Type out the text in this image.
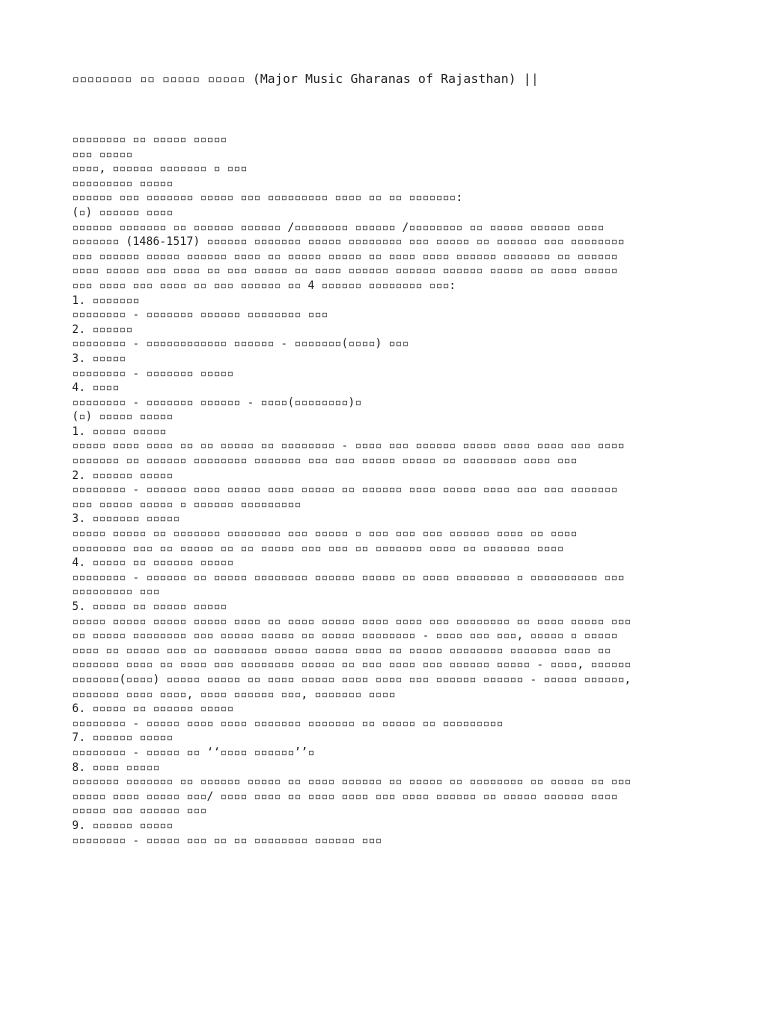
▫▫▫▫▫▫▫▫ ▫▫ ▫▫▫▫▫ ▫▫▫▫▫ (Major Music Gharanas of Rajasthan) ||
▫▫▫▫▫▫▫▫ ▫▫ ▫▫▫▫▫ ▫▫▫▫▫
▫▫▫ ▫▫▫▫▫
▫▫▫▫, ▫▫▫▫▫▫ ▫▫▫▫▫▫▫ ▫ ▫▫▫
▫▫▫▫▫▫▫▫▫ ▫▫▫▫▫
▫▫▫▫▫▫ ▫▫▫ ▫▫▫▫▫▫▫ ▫▫▫▫▫ ▫▫▫ ▫▫▫▫▫▫▫▫▫ ▫▫▫▫ ▫▫ ▫▫ ▫▫▫▫▫▫▫:
(▫) ▫▫▫▫▫▫ ▫▫▫▫
▫▫▫▫▫▫ ▫▫▫▫▫▫▫ ▫▫ ▫▫▫▫▫▫ ▫▫▫▫▫▫ /▫▫▫▫▫▫▫▫ ▫▫▫▫▫▫ /▫▫▫▫▫▫▫▫ ▫▫ ▫▫▫▫▫ ▫▫▫▫▫▫ ▫▫▫▫
▫▫▫▫▫▫▫ (1486-1517) ▫▫▫▫▫▫ ▫▫▫▫▫▫▫ ▫▫▫▫▫ ▫▫▫▫▫▫▫▫ ▫▫▫ ▫▫▫▫▫ ▫▫ ▫▫▫▫▫▫ ▫▫▫ ▫▫▫▫▫▫▫▫
▫▫▫ ▫▫▫▫▫▫ ▫▫▫▫▫ ▫▫▫▫▫▫ ▫▫▫▫ ▫▫ ▫▫▫▫▫ ▫▫▫▫▫ ▫▫ ▫▫▫▫ ▫▫▫▫ ▫▫▫▫▫▫ ▫▫▫▫▫▫▫ ▫▫ ▫▫▫▫▫▫
▫▫▫▫ ▫▫▫▫▫ ▫▫▫ ▫▫▫▫ ▫▫ ▫▫▫ ▫▫▫▫▫ ▫▫ ▫▫▫▫ ▫▫▫▫▫▫ ▫▫▫▫▫▫ ▫▫▫▫▫▫ ▫▫▫▫▫ ▫▫ ▫▫▫▫ ▫▫▫▫▫
▫▫▫ ▫▫▫▫ ▫▫▫ ▫▫▫▫ ▫▫ ▫▫▫ ▫▫▫▫▫▫ ▫▫ 4 ▫▫▫▫▫▫ ▫▫▫▫▫▫▫▫ ▫▫▫:
1. ▫▫▫▫▫▫▫
▫▫▫▫▫▫▫▫ - ▫▫▫▫▫▫▫ ▫▫▫▫▫▫ ▫▫▫▫▫▫▫▫ ▫▫▫
2. ▫▫▫▫▫▫
▫▫▫▫▫▫▫▫ - ▫▫▫▫▫▫▫▫▫▫▫▫ ▫▫▫▫▫▫ - ▫▫▫▫▫▫▫(▫▫▫▫) ▫▫▫
3. ▫▫▫▫▫
▫▫▫▫▫▫▫▫ - ▫▫▫▫▫▫▫ ▫▫▫▫▫
4. ▫▫▫▫
▫▫▫▫▫▫▫▫ - ▫▫▫▫▫▫▫ ▫▫▫▫▫▫ - ▫▫▫▫(▫▫▫▫▫▫▫▫)▫
(▫) ▫▫▫▫▫ ▫▫▫▫▫
1. ▫▫▫▫▫ ▫▫▫▫▫
▫▫▫▫▫ ▫▫▫▫ ▫▫▫▫ ▫▫ ▫▫ ▫▫▫▫▫ ▫▫ ▫▫▫▫▫▫▫▫ - ▫▫▫▫ ▫▫▫ ▫▫▫▫▫▫ ▫▫▫▫▫ ▫▫▫▫ ▫▫▫▫ ▫▫▫ ▫▫▫▫
▫▫▫▫▫▫▫ ▫▫ ▫▫▫▫▫▫ ▫▫▫▫▫▫▫▫ ▫▫▫▫▫▫▫ ▫▫▫ ▫▫▫ ▫▫▫▫▫ ▫▫▫▫▫ ▫▫ ▫▫▫▫▫▫▫▫ ▫▫▫▫ ▫▫▫
2. ▫▫▫▫▫▫ ▫▫▫▫▫
▫▫▫▫▫▫▫▫ - ▫▫▫▫▫▫ ▫▫▫▫ ▫▫▫▫▫ ▫▫▫▫ ▫▫▫▫▫ ▫▫ ▫▫▫▫▫▫ ▫▫▫▫ ▫▫▫▫▫ ▫▫▫▫ ▫▫▫ ▫▫▫ ▫▫▫▫▫▫▫
▫▫▫ ▫▫▫▫▫ ▫▫▫▫▫ ▫ ▫▫▫▫▫▫ ▫▫▫▫▫▫▫▫▫
3. ▫▫▫▫▫▫▫ ▫▫▫▫▫
▫▫▫▫▫ ▫▫▫▫▫ ▫▫ ▫▫▫▫▫▫▫ ▫▫▫▫▫▫▫▫ ▫▫▫ ▫▫▫▫▫ ▫ ▫▫▫ ▫▫▫ ▫▫▫ ▫▫▫▫▫▫ ▫▫▫▫ ▫▫ ▫▫▫▫
▫▫▫▫▫▫▫▫ ▫▫▫ ▫▫ ▫▫▫▫▫ ▫▫ ▫▫ ▫▫▫▫▫ ▫▫▫ ▫▫▫ ▫▫ ▫▫▫▫▫▫▫ ▫▫▫▫ ▫▫ ▫▫▫▫▫▫▫ ▫▫▫▫
4. ▫▫▫▫▫ ▫▫ ▫▫▫▫▫▫ ▫▫▫▫▫
▫▫▫▫▫▫▫▫ - ▫▫▫▫▫▫ ▫▫ ▫▫▫▫▫ ▫▫▫▫▫▫▫▫ ▫▫▫▫▫▫ ▫▫▫▫▫ ▫▫ ▫▫▫▫ ▫▫▫▫▫▫▫▫ ▫ ▫▫▫▫▫▫▫▫▫▫ ▫▫▫
▫▫▫▫▫▫▫▫▫ ▫▫▫
5. ▫▫▫▫▫ ▫▫ ▫▫▫▫▫ ▫▫▫▫▫
▫▫▫▫▫ ▫▫▫▫▫ ▫▫▫▫▫ ▫▫▫▫▫ ▫▫▫▫ ▫▫ ▫▫▫▫ ▫▫▫▫▫ ▫▫▫▫ ▫▫▫▫ ▫▫▫ ▫▫▫▫▫▫▫▫ ▫▫ ▫▫▫▫ ▫▫▫▫▫ ▫▫▫
▫▫ ▫▫▫▫▫ ▫▫▫▫▫▫▫▫ ▫▫▫ ▫▫▫▫▫ ▫▫▫▫▫ ▫▫ ▫▫▫▫▫ ▫▫▫▫▫▫▫▫ - ▫▫▫▫ ▫▫▫ ▫▫▫, ▫▫▫▫▫ ▫ ▫▫▫▫▫
▫▫▫▫ ▫▫ ▫▫▫▫▫ ▫▫▫ ▫▫ ▫▫▫▫▫▫▫▫ ▫▫▫▫▫ ▫▫▫▫▫ ▫▫▫▫ ▫▫ ▫▫▫▫▫ ▫▫▫▫▫▫▫▫ ▫▫▫▫▫▫▫ ▫▫▫▫ ▫▫
▫▫▫▫▫▫▫ ▫▫▫▫ ▫▫ ▫▫▫▫ ▫▫▫ ▫▫▫▫▫▫▫▫ ▫▫▫▫▫ ▫▫ ▫▫▫ ▫▫▫▫ ▫▫▫ ▫▫▫▫▫▫ ▫▫▫▫▫ - ▫▫▫▫, ▫▫▫▫▫▫
▫▫▫▫▫▫▫(▫▫▫▫) ▫▫▫▫▫ ▫▫▫▫▫ ▫▫ ▫▫▫▫ ▫▫▫▫▫ ▫▫▫▫ ▫▫▫▫ ▫▫▫ ▫▫▫▫▫▫ ▫▫▫▫▫▫ - ▫▫▫▫▫ ▫▫▫▫▫▫,
▫▫▫▫▫▫▫ ▫▫▫▫ ▫▫▫▫, ▫▫▫▫ ▫▫▫▫▫▫ ▫▫▫, ▫▫▫▫▫▫▫ ▫▫▫▫
6. ▫▫▫▫▫ ▫▫ ▫▫▫▫▫▫ ▫▫▫▫▫
▫▫▫▫▫▫▫▫ - ▫▫▫▫▫ ▫▫▫▫ ▫▫▫▫ ▫▫▫▫▫▫▫ ▫▫▫▫▫▫▫ ▫▫ ▫▫▫▫▫ ▫▫ ▫▫▫▫▫▫▫▫▫
7. ▫▫▫▫▫▫ ▫▫▫▫▫
▫▫▫▫▫▫▫▫ - ▫▫▫▫▫ ▫▫ ‘‘▫▫▫▫ ▫▫▫▫▫▫’’▫
8. ▫▫▫▫ ▫▫▫▫▫
▫▫▫▫▫▫▫ ▫▫▫▫▫▫▫ ▫▫ ▫▫▫▫▫▫ ▫▫▫▫▫ ▫▫ ▫▫▫▫ ▫▫▫▫▫▫ ▫▫ ▫▫▫▫▫ ▫▫ ▫▫▫▫▫▫▫▫ ▫▫ ▫▫▫▫▫ ▫▫ ▫▫▫
▫▫▫▫▫ ▫▫▫▫ ▫▫▫▫▫ ▫▫▫/ ▫▫▫▫ ▫▫▫▫ ▫▫ ▫▫▫▫ ▫▫▫▫ ▫▫▫ ▫▫▫▫ ▫▫▫▫▫▫ ▫▫ ▫▫▫▫▫ ▫▫▫▫▫▫ ▫▫▫▫
▫▫▫▫▫ ▫▫▫ ▫▫▫▫▫▫ ▫▫▫
9. ▫▫▫▫▫▫ ▫▫▫▫▫
▫▫▫▫▫▫▫▫ - ▫▫▫▫▫ ▫▫▫ ▫▫ ▫▫ ▫▫▫▫▫▫▫▫ ▫▫▫▫▫▫ ▫▫▫
